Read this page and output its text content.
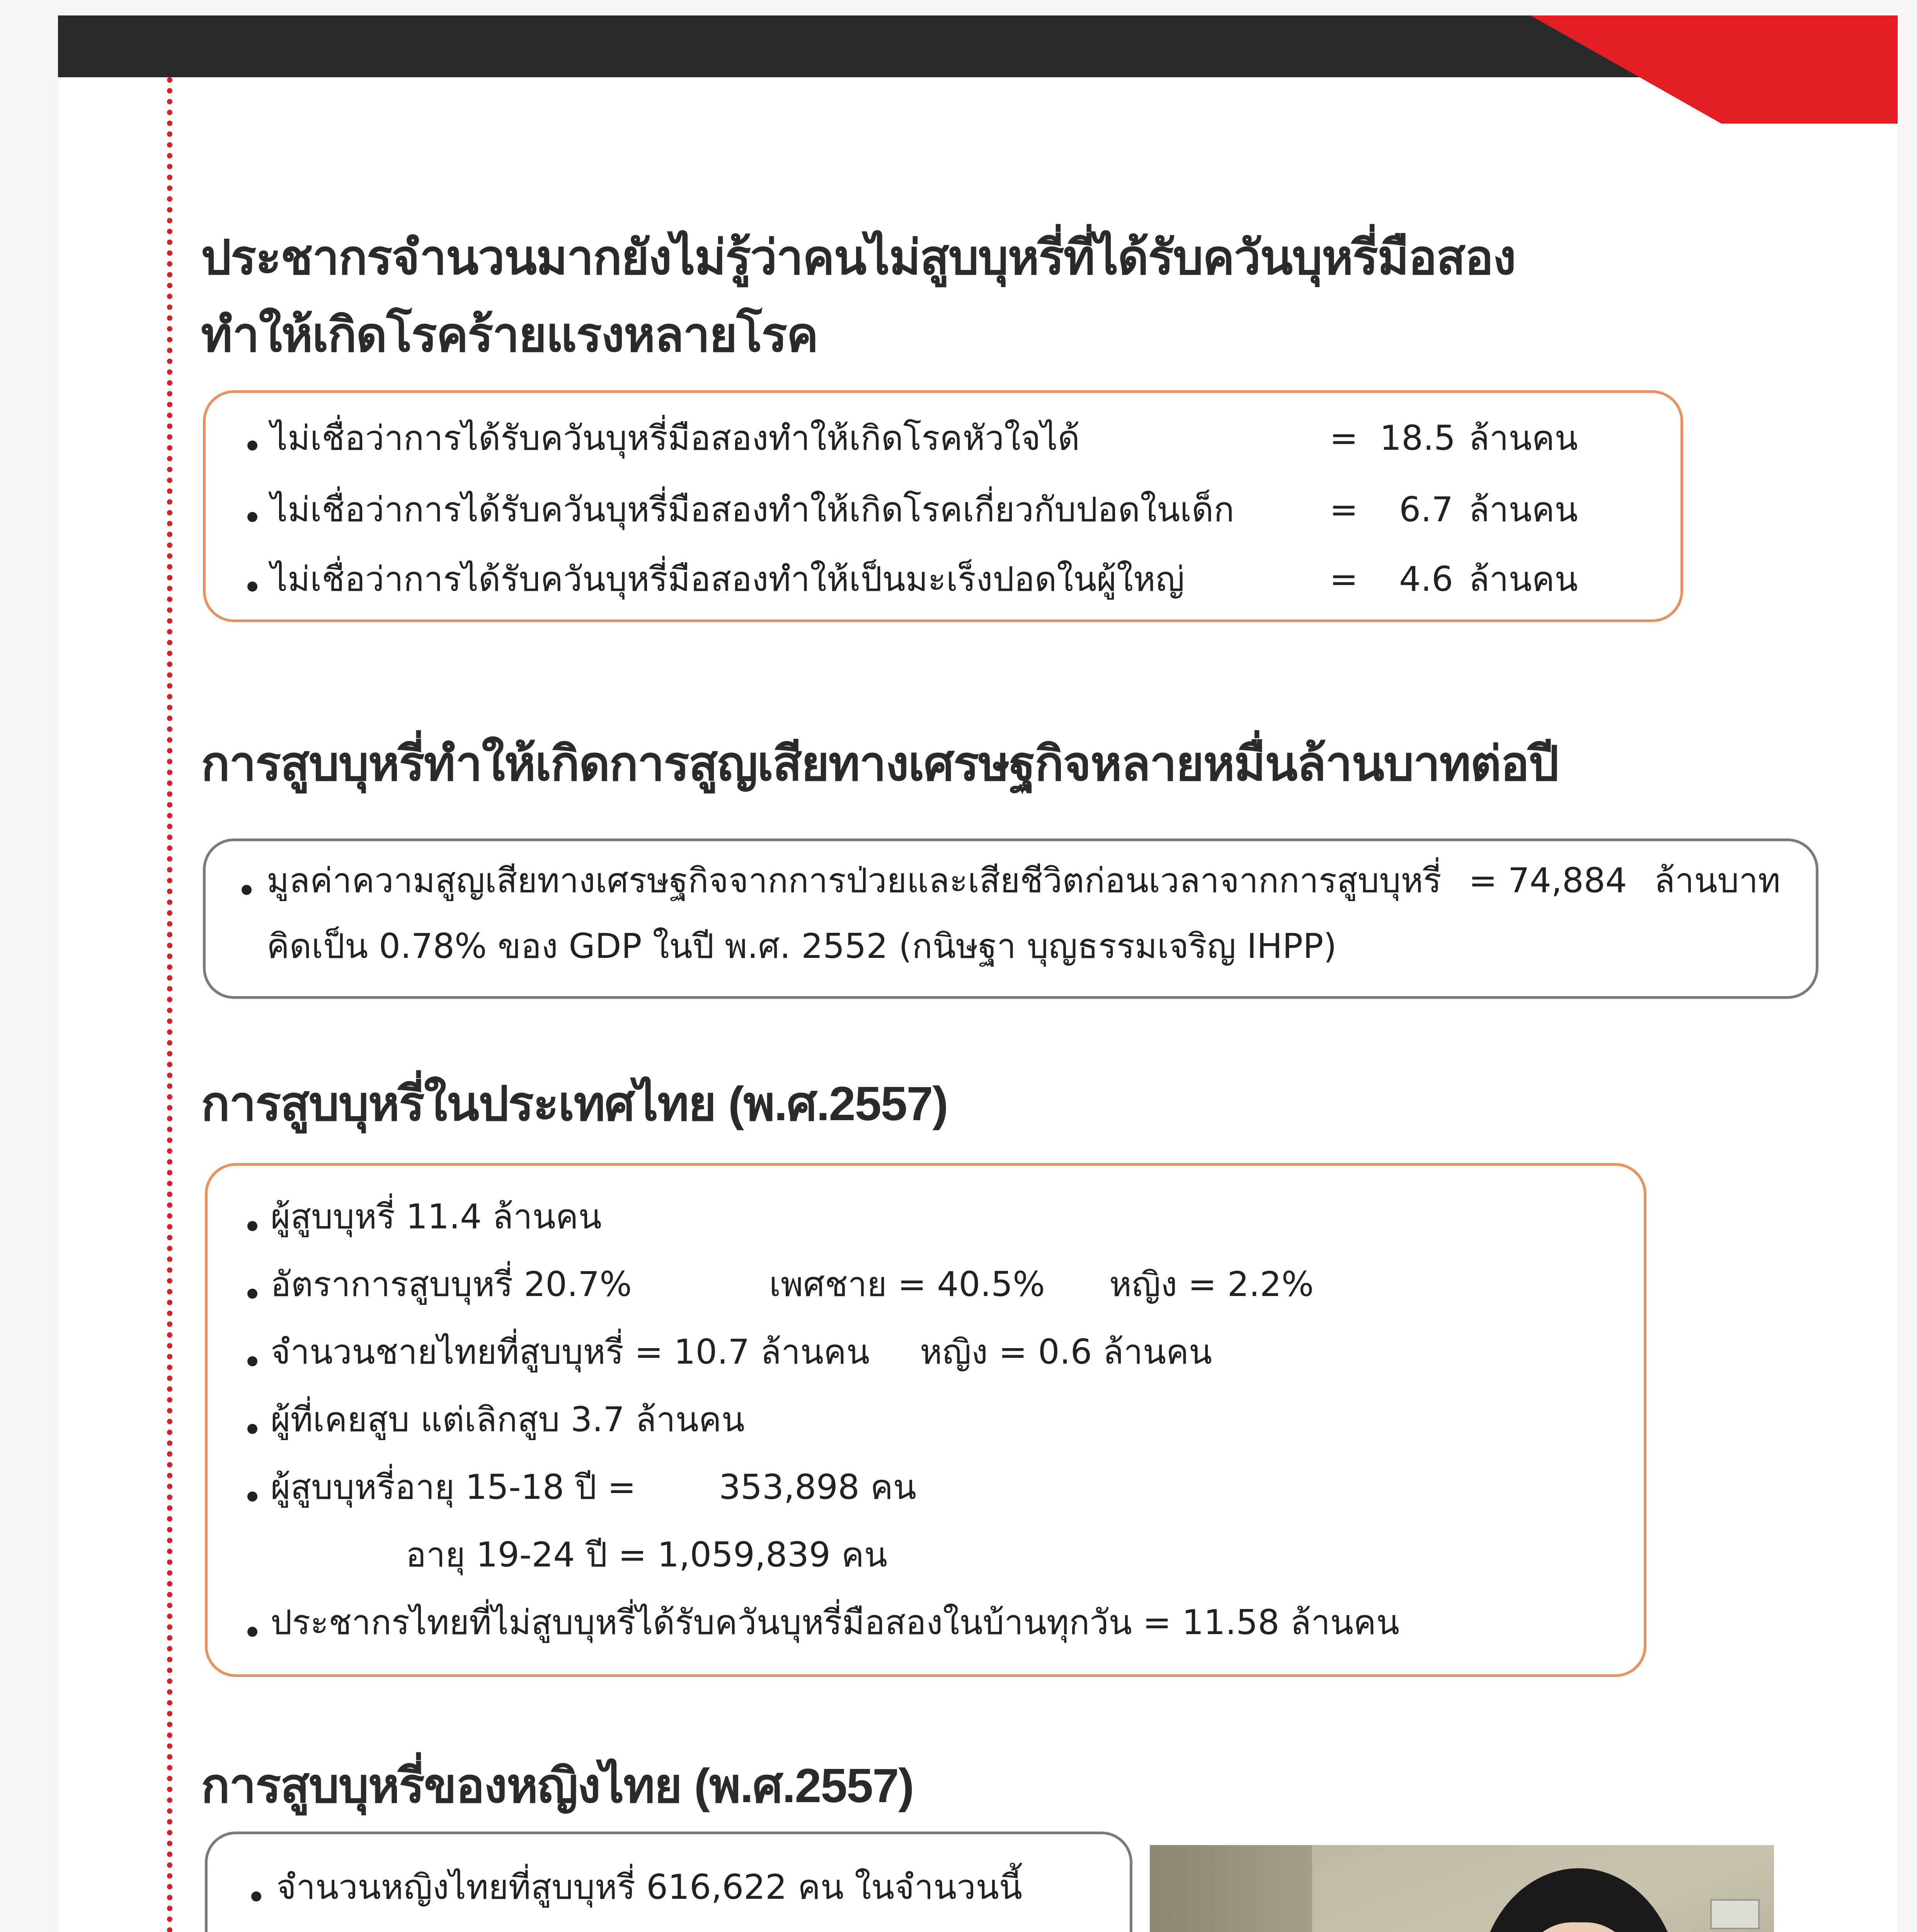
ประชากรจำนวนมากยังไม่รู้ว่าคนไม่สูบบุหรี่ที่ได้รับควันบุหรี่มือสอง
ทำให้เกิดโรคร้ายแรงหลายโรค
ไม่เชื่อว่าการได้รับควันบุหรี่มือสองทำให้เกิดโรคหัวใจได้	= 18.5 ล้านคน
ไม่เชื่อว่าการได้รับควันบุหรี่มือสองทำให้เกิดโรคเกี่ยวกับปอดในเด็ก	= 6.7 ล้านคน
ไม่เชื่อว่าการได้รับควันบุหรี่มือสองทำให้เป็นมะเร็งปอดในผู้ใหญ่	= 4.6 ล้านคน
การสูบบุหรี่ทำให้เกิดการสูญเสียทางเศรษฐกิจหลายหมื่นล้านบาทต่อปี
มูลค่าความสูญเสียทางเศรษฐกิจจากการป่วยและเสียชีวิตก่อนเวลาจากการสูบบุหรี่ = 74,884 ล้านบาท
คิดเป็น 0.78% ของ GDP ในปี พ.ศ. 2552 (กนิษฐา บุญธรรมเจริญ IHPP)
การสูบบุหรี่ในประเทศไทย (พ.ศ.2557)
ผู้สูบบุหรี่ 11.4 ล้านคน
อัตราการสูบบุหรี่ 20.7%	เพศชาย = 40.5% หญิง = 2.2%
จำนวนชายไทยที่สูบบุหรี่ = 10.7 ล้านคน หญิง = 0.6 ล้านคน
ผู้ที่เคยสูบ แต่เลิกสูบ 3.7 ล้านคน
ผู้สูบบุหรี่อายุ 15-18 ปี = 353,898 คน
อายุ 19-24 ปี = 1,059,839 คน
ประชากรไทยที่ไม่สูบบุหรี่ได้รับควันบุหรี่มือสองในบ้านทุกวัน = 11.58 ล้านคน
การสูบบุหรี่ของหญิงไทย (พ.ศ.2557)
จำนวนหญิงไทยที่สูบบุหรี่ 616,622 คน ในจำนวนนี้
